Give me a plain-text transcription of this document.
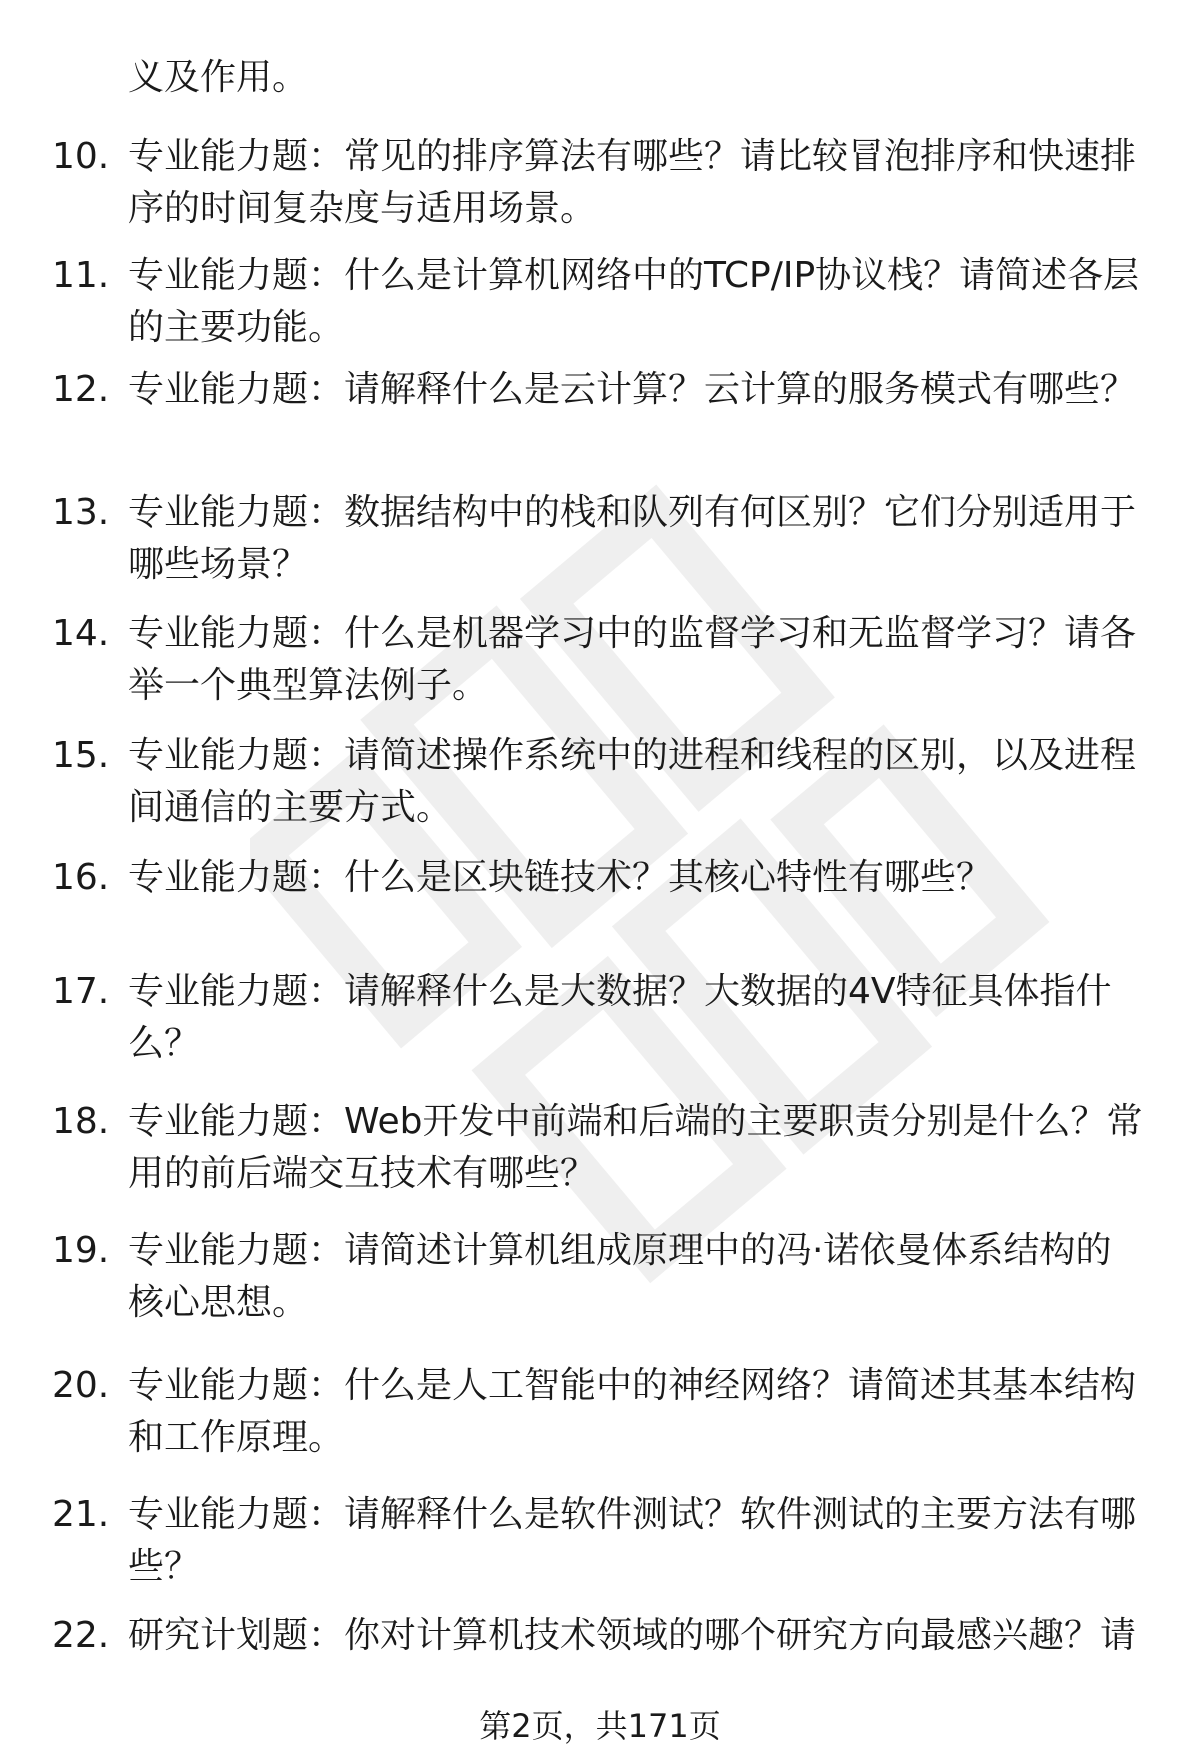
义及作用。
10. 专业能力题：常见的排序算法有哪些？请比较冒泡排序和快速排序的时间复杂度与适用场景。
11. 专业能力题：什么是计算机网络中的TCP/IP协议栈？请简述各层的主要功能。
12. 专业能力题：请解释什么是云计算？云计算的服务模式有哪些？
13. 专业能力题：数据结构中的栈和队列有何区别？它们分别适用于哪些场景？
14. 专业能力题：什么是机器学习中的监督学习和无监督学习？请各举一个典型算法例子。
15. 专业能力题：请简述操作系统中的进程和线程的区别，以及进程间通信的主要方式。
16. 专业能力题：什么是区块链技术？其核心特性有哪些？
17. 专业能力题：请解释什么是大数据？大数据的4V特征具体指什么？
18. 专业能力题：Web开发中前端和后端的主要职责分别是什么？常用的前后端交互技术有哪些？
19. 专业能力题：请简述计算机组成原理中的冯·诺依曼体系结构的核心思想。
20. 专业能力题：什么是人工智能中的神经网络？请简述其基本结构和工作原理。
21. 专业能力题：请解释什么是软件测试？软件测试的主要方法有哪些？
22. 研究计划题：你对计算机技术领域的哪个研究方向最感兴趣？请
第2页，共171页
